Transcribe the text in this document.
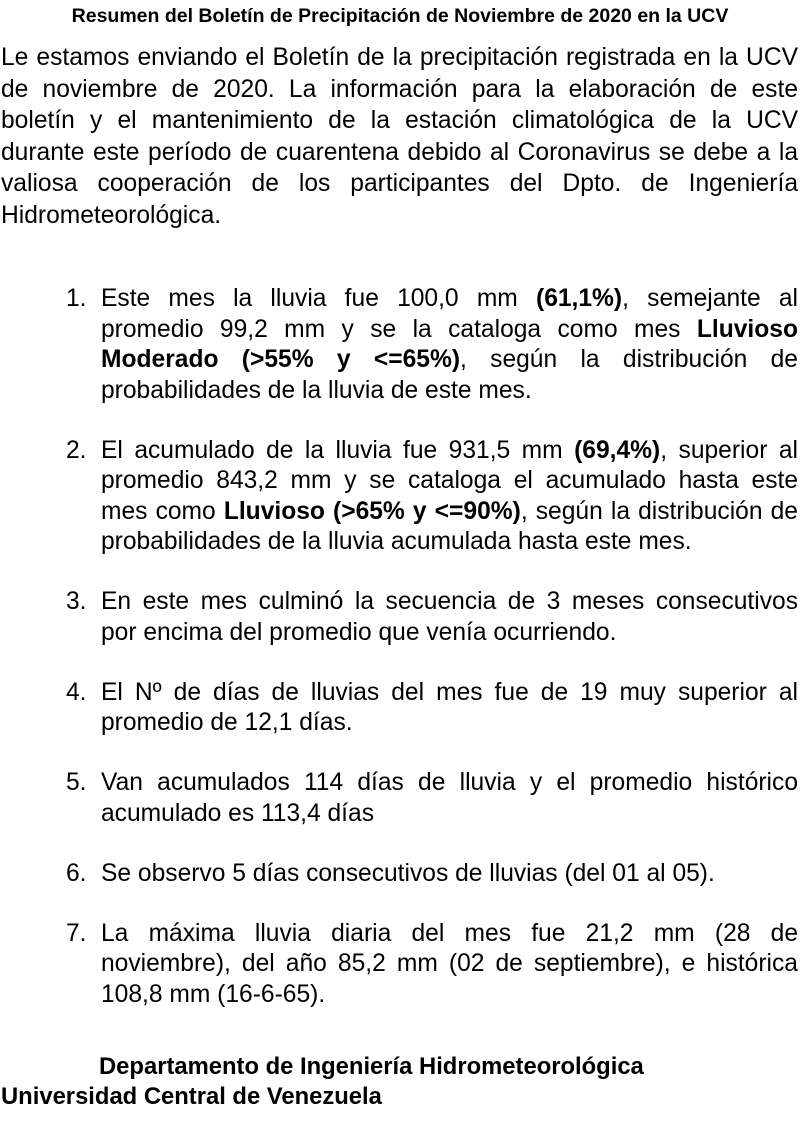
Resumen del Boletín de Precipitación de Noviembre de 2020 en la UCV
Le estamos enviando el Boletín de la precipitación registrada en la UCV de noviembre de 2020. La información para la elaboración de este boletín y el mantenimiento de la estación climatológica de la UCV durante este período de cuarentena debido al Coronavirus se debe a la valiosa cooperación de los participantes del Dpto. de Ingeniería Hidrometeorológica.
1. Este mes la lluvia fue 100,0 mm (61,1%), semejante al promedio 99,2 mm y se la cataloga como mes Lluvioso Moderado (>55% y <=65%), según la distribución de probabilidades de la lluvia de este mes.
2. El acumulado de la lluvia fue 931,5 mm (69,4%), superior al promedio 843,2 mm y se cataloga el acumulado hasta este mes como Lluvioso (>65% y <=90%), según la distribución de probabilidades de la lluvia acumulada hasta este mes.
3. En este mes culminó la secuencia de 3 meses consecutivos por encima del promedio que venía ocurriendo.
4. El Nº de días de lluvias del mes fue de 19 muy superior al promedio de 12,1 días.
5. Van acumulados 114 días de lluvia y el promedio histórico acumulado es 113,4 días
6. Se observo 5 días consecutivos de lluvias (del 01 al 05).
7. La máxima lluvia diaria del mes fue 21,2 mm (28 de noviembre), del año 85,2 mm (02 de septiembre), e histórica 108,8 mm (16-6-65).
Departamento de Ingeniería Hidrometeorológica
Universidad Central de Venezuela
